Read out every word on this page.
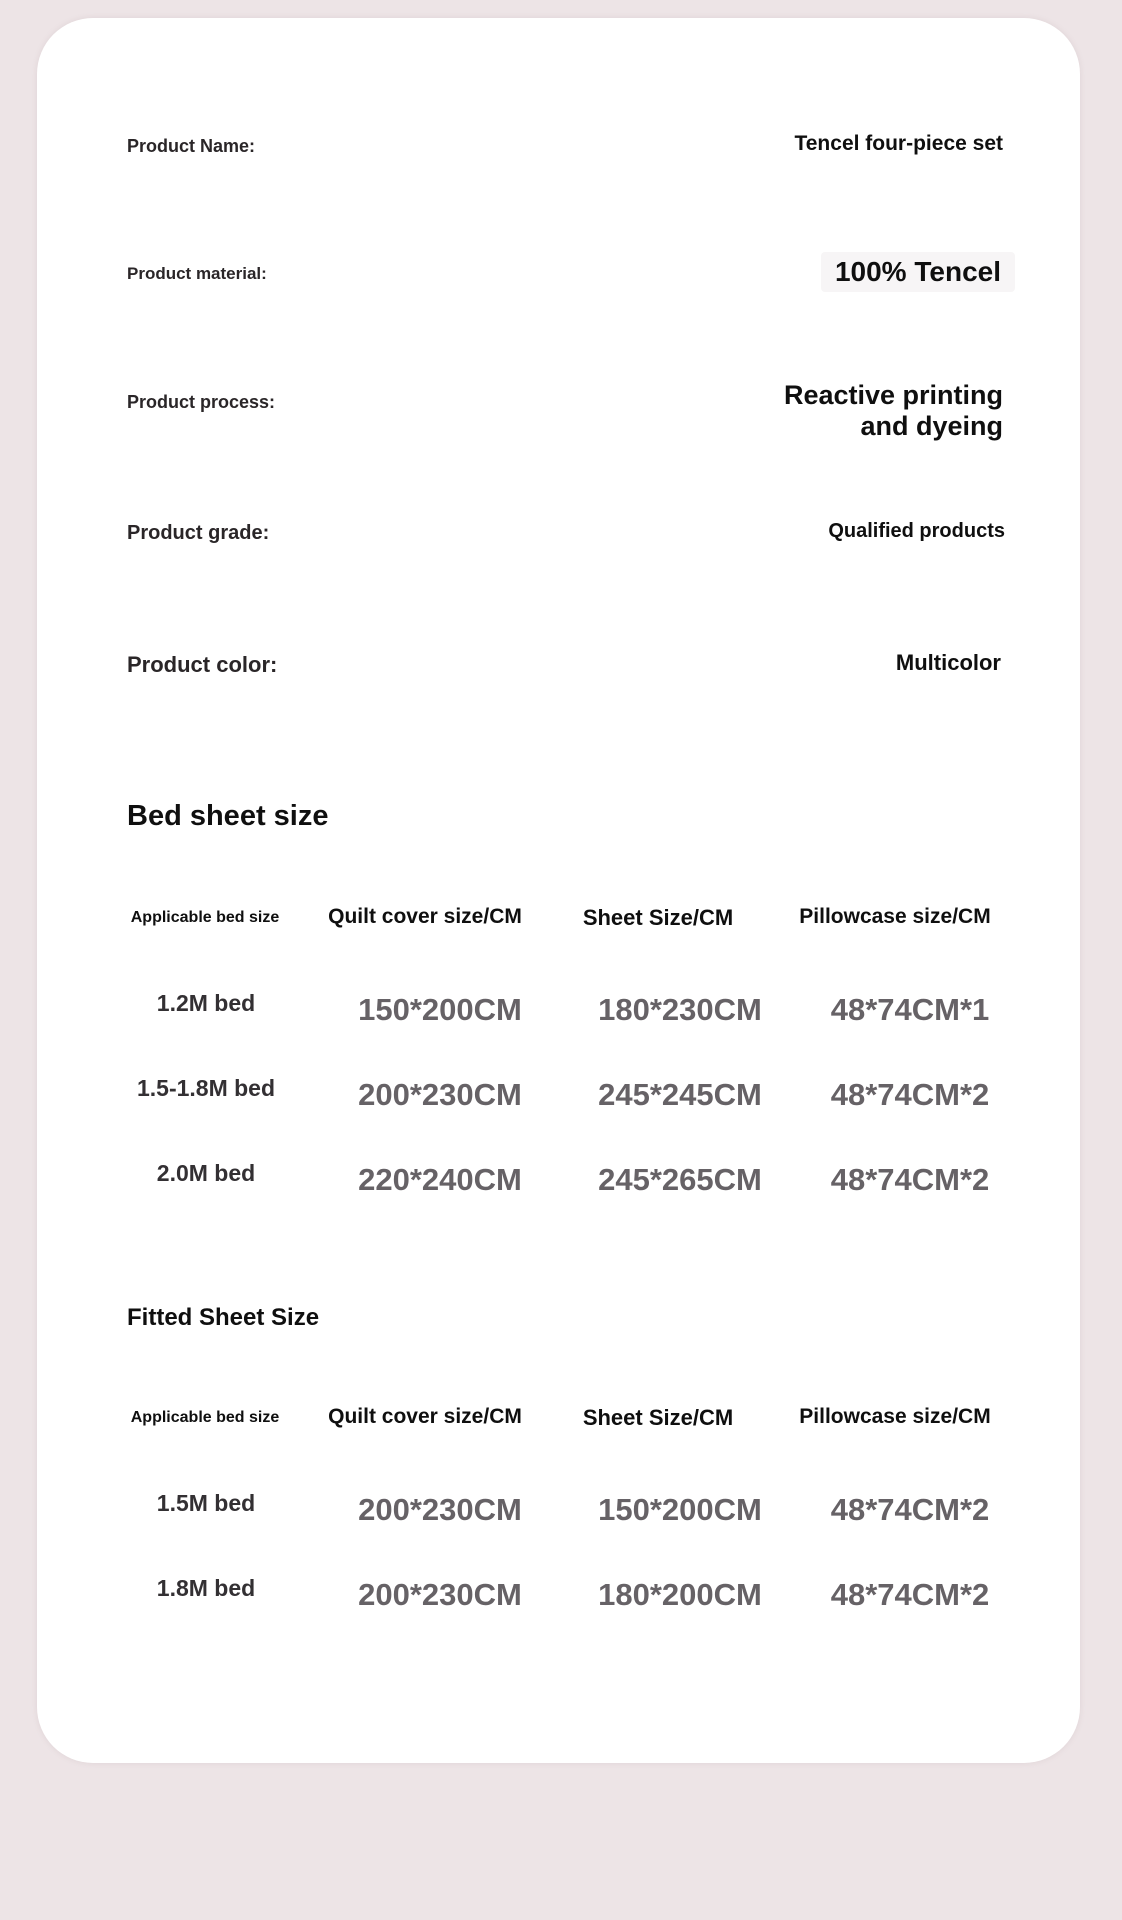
Product Name:	Tencel four-piece set
Product material:	100% Tencel
Product process:	Reactive printing
and dyeing
Product grade:	Qualified products
Product color:	Multicolor
Bed sheet size
Applicable bed size	Quilt cover size/CM	Sheet Size/CM	Pillowcase size/CM
1.2M bed	150*200CM	180*230CM	48*74CM*1
1.5-1.8M bed	200*230CM	245*245CM	48*74CM*2
2.0M bed	220*240CM	245*265CM	48*74CM*2
Fitted Sheet Size
Applicable bed size	Quilt cover size/CM	Sheet Size/CM	Pillowcase size/CM
1.5M bed	200*230CM	150*200CM	48*74CM*2
1.8M bed	200*230CM	180*200CM	48*74CM*2
